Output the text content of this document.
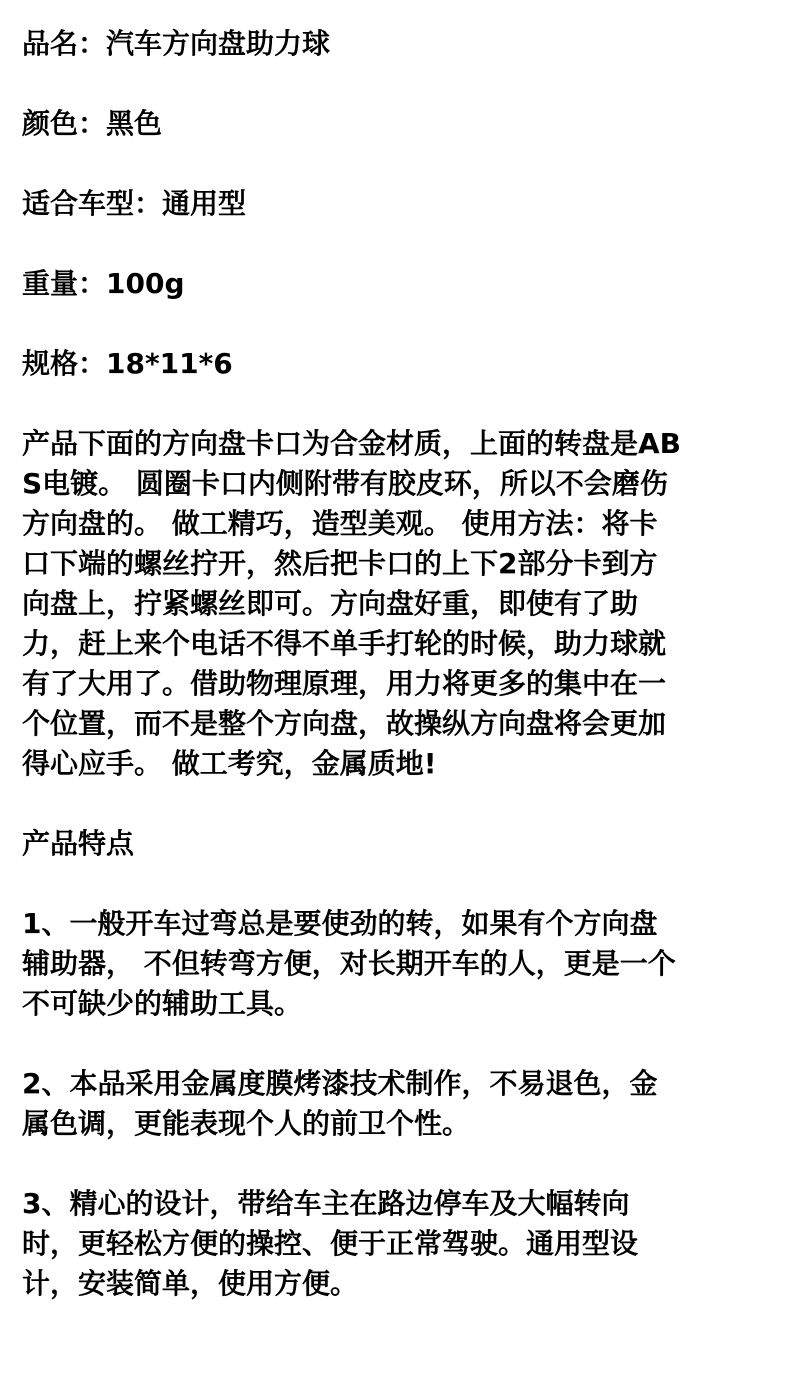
品名：汽车方向盘助力球

颜色：黑色

适合车型：通用型

重量：100g

规格：18*11*6

产品下面的方向盘卡口为合金材质，上面的转盘是AB

S电镀。 圆圈卡口内侧附带有胶皮环，所以不会磨伤

方向盘的。 做工精巧，造型美观。 使用方法：将卡

口下端的螺丝拧开，然后把卡口的上下2部分卡到方

向盘上，拧紧螺丝即可。方向盘好重，即使有了助

力，赶上来个电话不得不单手打轮的时候，助力球就

有了大用了。借助物理原理，用力将更多的集中在一

个位置，而不是整个方向盘，故操纵方向盘将会更加

得心应手。 做工考究，金属质地!

产品特点

1、一般开车过弯总是要使劲的转，如果有个方向盘

辅助器， 不但转弯方便，对长期开车的人，更是一个

不可缺少的辅助工具。

2、本品采用金属度膜烤漆技术制作，不易退色，金

属色调，更能表现个人的前卫个性。

3、精心的设计，带给车主在路边停车及大幅转向

时，更轻松方便的操控、便于正常驾驶。通用型设

计，安装简单，使用方便。
